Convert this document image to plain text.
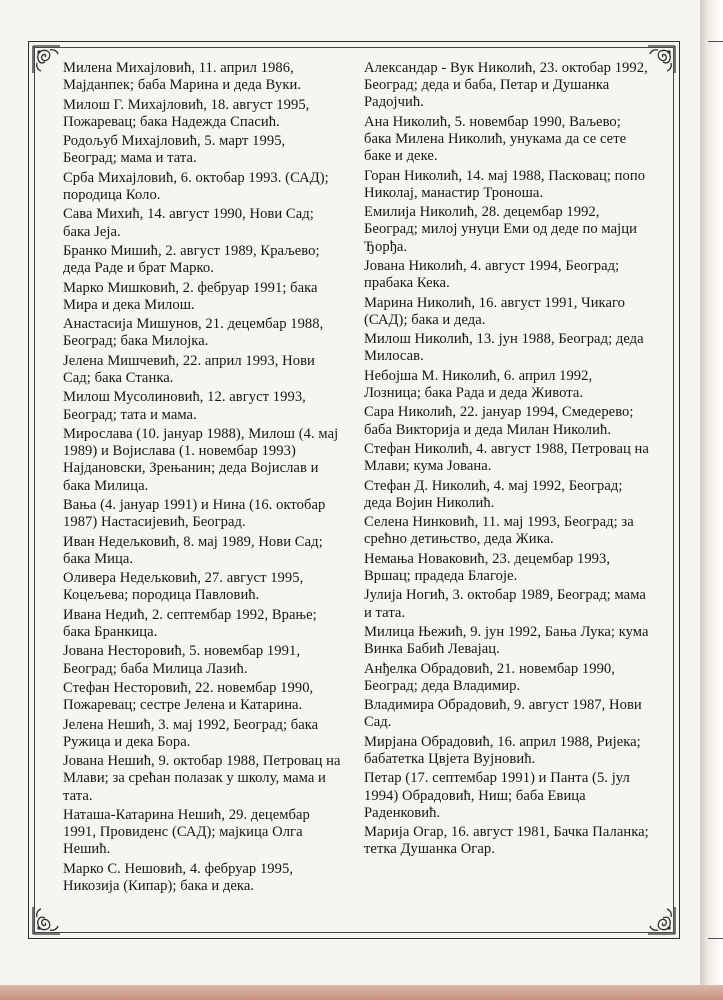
Милена Михајловић, 11. април 1986, Мајданпек; баба Марина и деда Вуки.

Милош Г. Михајловић, 18. август 1995, Пожаревац; бака Надежда Спасић.

Родољуб Михајловић, 5. март 1995, Београд; мама и тата.

Срба Михајловић, 6. октобар 1993. (САД); породица Коло.

Сава Михић, 14. август 1990, Нови Сад; бака Јеја.

Бранко Мишић, 2. август 1989, Краљево; деда Раде и брат Марко.

Марко Мишковић, 2. фебруар 1991; бака Мира и дека Милош.

Анастасија Мишунов, 21. децембар 1988, Београд; бака Милојка.

Јелена Мишчевић, 22. април 1993, Нови Сад; бака Станка.

Милош Мусолиновић, 12. август 1993, Београд; тата и мама.

Мирослава (10. јануар 1988), Милош (4. мај 1989) и Војислава (1. новембар 1993) Најдановски, Зрењанин; деда Војислав и бака Милица.

Вања (4. јануар 1991) и Нина (16. октобар 1987) Настасијевић, Београд.

Иван Недељковић, 8. мај 1989, Нови Сад; бака Мица.

Оливера Недељковић, 27. август 1995, Коцељева; породица Павловић.

Ивана Недић, 2. септембар 1992, Врање; бака Бранкица.

Јована Несторовић, 5. новембар 1991, Београд; баба Милица Лазић.

Стефан Несторовић, 22. новембар 1990, Пожаревац; сестре Јелена и Катарина.

Јелена Нешић, 3. мај 1992, Београд; бака Ружица и дека Бора.

Јована Нешић, 9. октобар 1988, Петровац на Млави; за срећан полазак у школу, мама и тата.

Наташа-Катарина Нешић, 29. децембар 1991, Провиденс (САД); мајкица Олга Нешић.

Марко С. Нешовић, 4. фебруар 1995, Никозија (Кипар); бака и дека.

Александар - Вук Николић, 23. октобар 1992, Београд; деда и баба, Петар и Душанка Радојчић.

Ана Николић, 5. новембар 1990, Ваљево; бака Милена Николић, унукама да се сете баке и деке.

Горан Николић, 14. мај 1988, Пасковац; попо Николај, манастир Троноша.

Емилија Николић, 28. децембар 1992, Београд; милој унуци Еми од деде по мајци Ђорђа.

Јована Николић, 4. август 1994, Београд; прабака Кека.

Марина Николић, 16. август 1991, Чикаго (САД); бака и деда.

Милош Николић, 13. јун 1988, Београд; деда Милосав.

Небојша М. Николић, 6. април 1992, Лозница; бака Рада и деда Живота.

Сара Николић, 22. јануар 1994, Смедерево; баба Викторија и деда Милан Николић.

Стефан Николић, 4. август 1988, Петровац на Млави; кума Јована.

Стефан Д. Николић, 4. мај 1992, Београд; деда Војин Николић.

Селена Нинковић, 11. мај 1993, Београд; за срећно детињство, деда Жика.

Немања Новаковић, 23. децембар 1993, Вршац; прадеда Благоје.

Јулија Ногић, 3. октобар 1989, Београд; мама и тата.

Милица Њежић, 9. јун 1992, Бања Лука; кума Винка Бабић Леваjaц.

Анђелка Обрадовић, 21. новембар 1990, Београд; деда Владимир.

Владимира Обрадовић, 9. август 1987, Нови Сад.

Мирјана Обрадовић, 16. април 1988, Ријека; бабатетка Цвјета Вујновић.

Петар (17. септембар 1991) и Панта (5. јул 1994) Обрадовић, Ниш; баба Евица Раденковић.

Марија Огар, 16. август 1981, Бачка Паланка; тетка Душанка Огар.
